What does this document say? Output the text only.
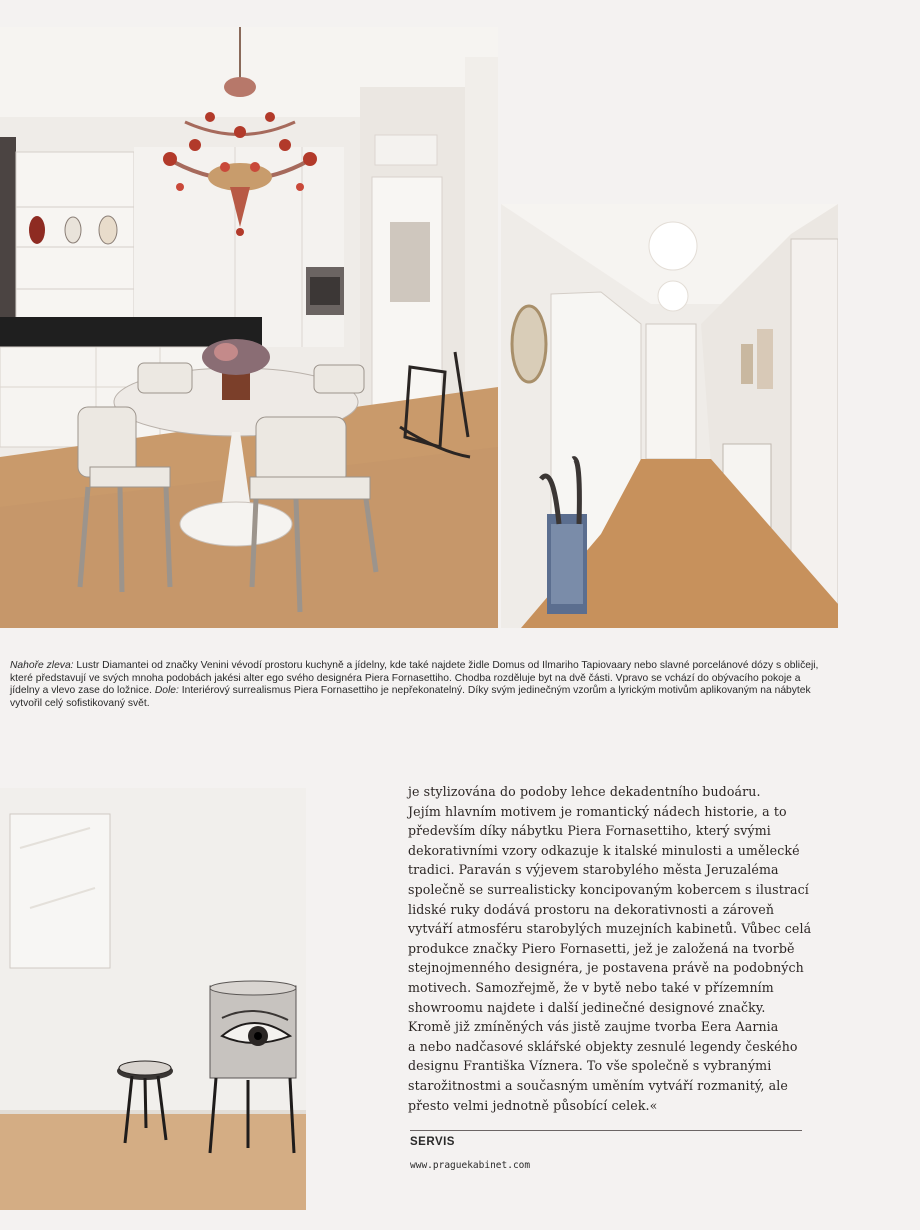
Nahoře zleva: Lustr Diamantei od značky Venini vévodí prostoru kuchyně a jídelny, kde také najdete židle Domus od Ilmariho Tapiovaary nebo slavné porcelánové dózy s obličeji, které představují ve svých mnoha podobách jakési alter ego svého designéra Piera Fornasettiho. Chodba rozděluje byt na dvě části. Vpravo se vchází do obývacího pokoje a jídelny a vlevo zase do ložnice. Dole: Interiérový surrealismus Piera Fornasettiho je nepřekonatelný. Díky svým jedinečným vzorům a lyrickým motivům aplikovaným na nábytek vytvořil celý sofistikovaný svět.
je stylizována do podoby lehce dekadentního budoáru.
Jejím hlavním motivem je romantický nádech historie, a to
především díky nábytku Piera Fornasettiho, který svými
dekorativními vzory odkazuje k italské minulosti a umělecké
tradici. Paraván s výjevem starobylého města Jeruzaléma
společně se surrealisticky koncipovaným kobercem s ilustrací
lidské ruky dodává prostoru na dekorativnosti a zároveň
vytváří atmosféru starobylých muzejních kabinetů. Vůbec celá
produkce značky Piero Fornasetti, jež je založená na tvorbě
stejnojmenného designéra, je postavena právě na podobných
motivech. Samozřejmě, že v bytě nebo také v přízemním
showroomu najdete i další jedinečné designové značky.
Kromě již zmíněných vás jistě zaujme tvorba Eera Aarnia
a nebo nadčasové sklářské objekty zesnulé legendy českého
designu Františka Víznera. To vše společně s vybranými
starožitnostmi a současným uměním vytváří rozmanitý, ale
přesto velmi jednotně působící celek.«
SERVIS
www.praguekabinet.com
